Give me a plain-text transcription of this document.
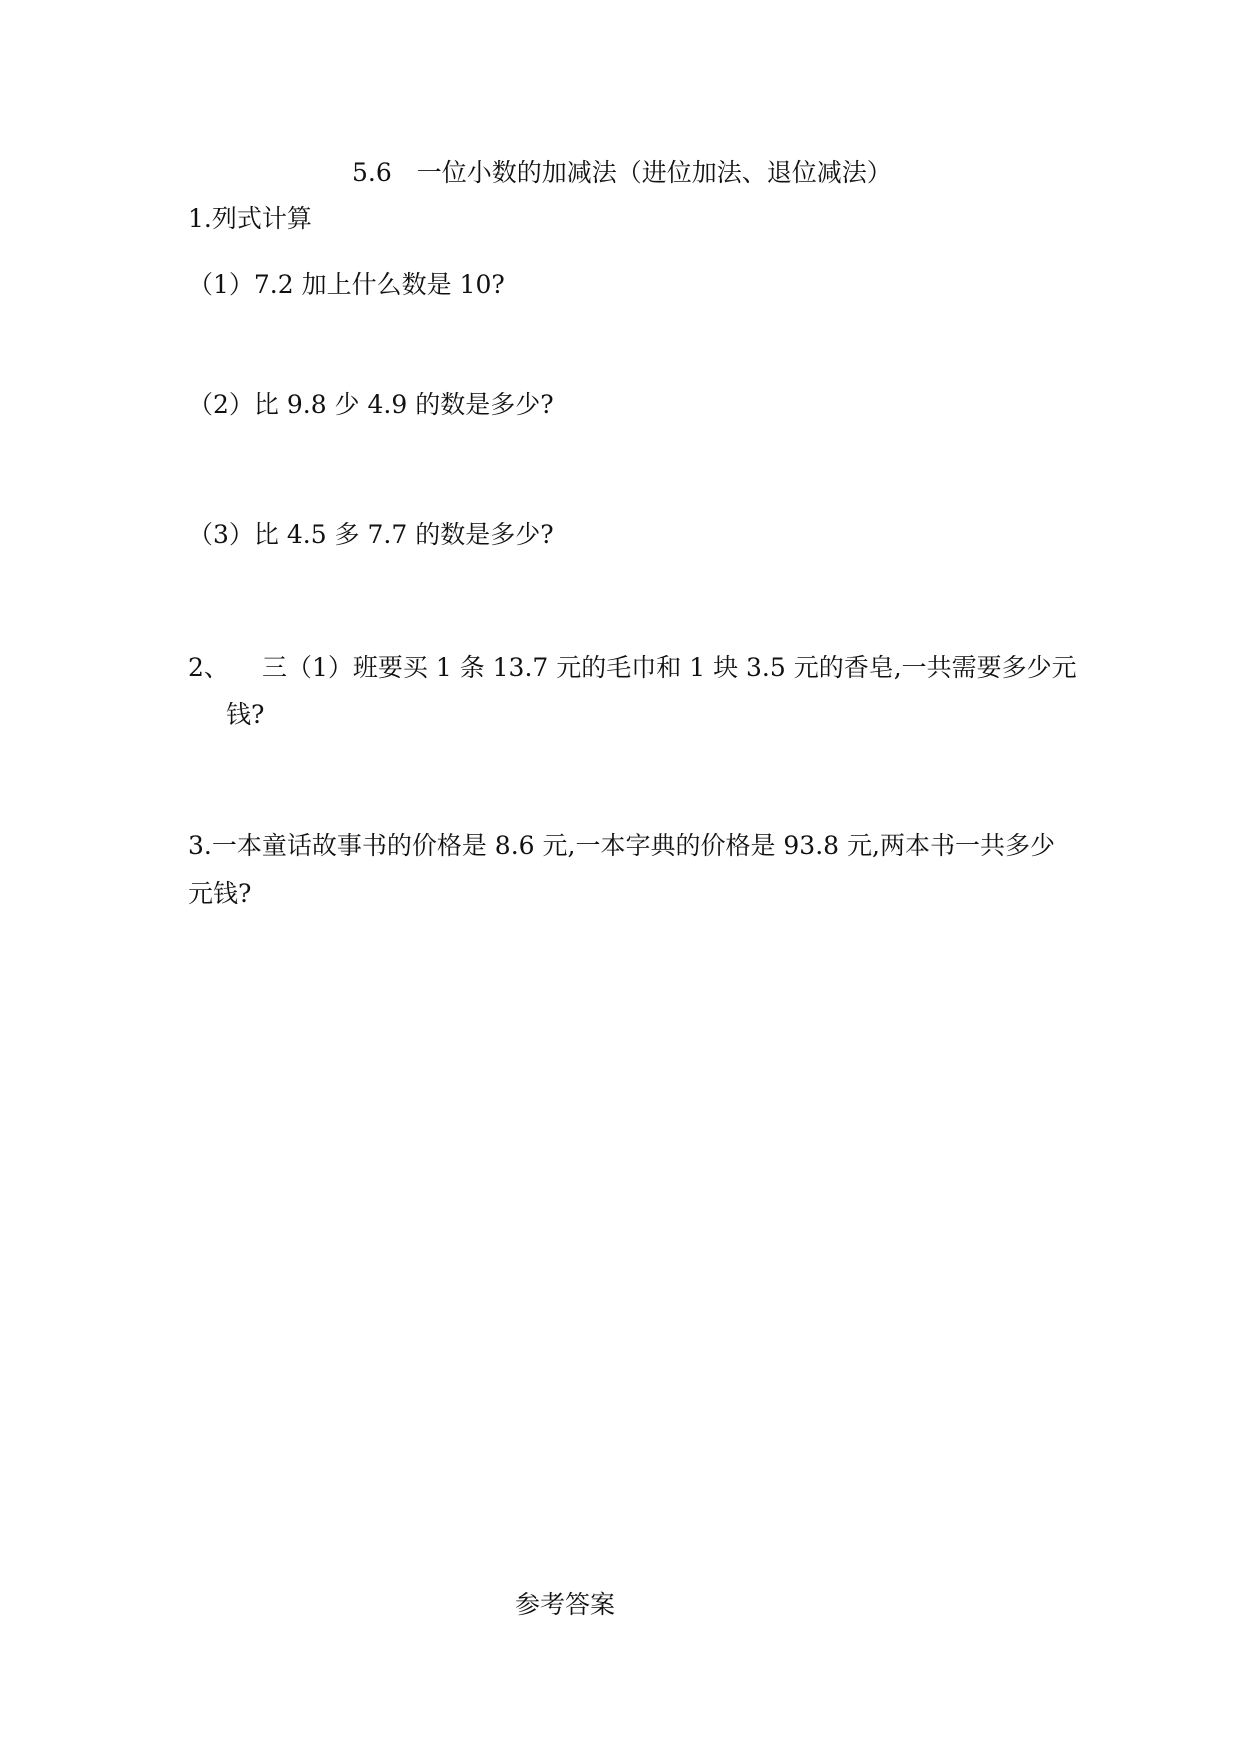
5.6　一位小数的加减法（进位加法、退位减法）
1.列式计算
（1）7.2 加上什么数是 10?
（2）比 9.8 少 4.9 的数是多少?
（3）比 4.5 多 7.7 的数是多少?
2、 三（1）班要买 1 条 13.7 元的毛巾和 1 块 3.5 元的香皂,一共需要多少元
钱?
3.一本童话故事书的价格是 8.6 元,一本字典的价格是 93.8 元,两本书一共多少
元钱?
参考答案
